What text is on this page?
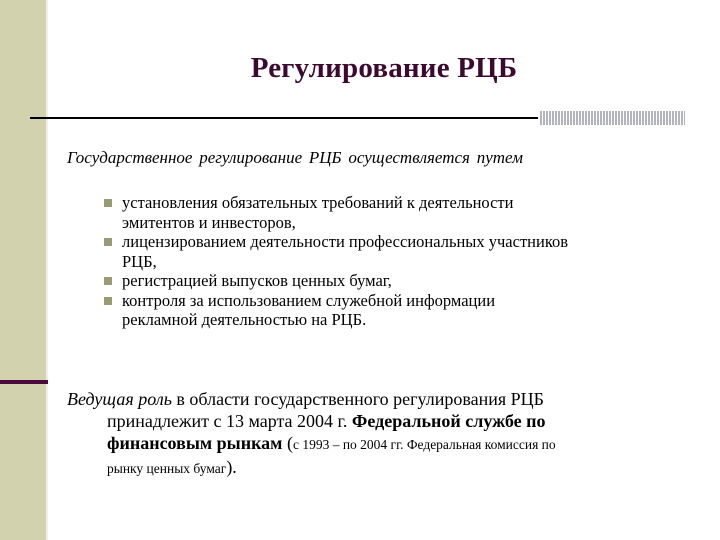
Регулирование РЦБ
Государственное регулирование РЦБ осуществляется путем
установления обязательных требований к деятельности
эмитентов и инвесторов,
лицензированием деятельности профессиональных участников
РЦБ,
регистрацией выпусков ценных бумаг,
контроля за использованием служебной информации
рекламной деятельностью на РЦБ.
Ведущая роль в области государственного регулирования РЦБ
принадлежит с 13 марта 2004 г. Федеральной службе по
финансовым рынкам (с 1993 – по 2004 гг. Федеральная комиссия по
рынку ценных бумаг).
